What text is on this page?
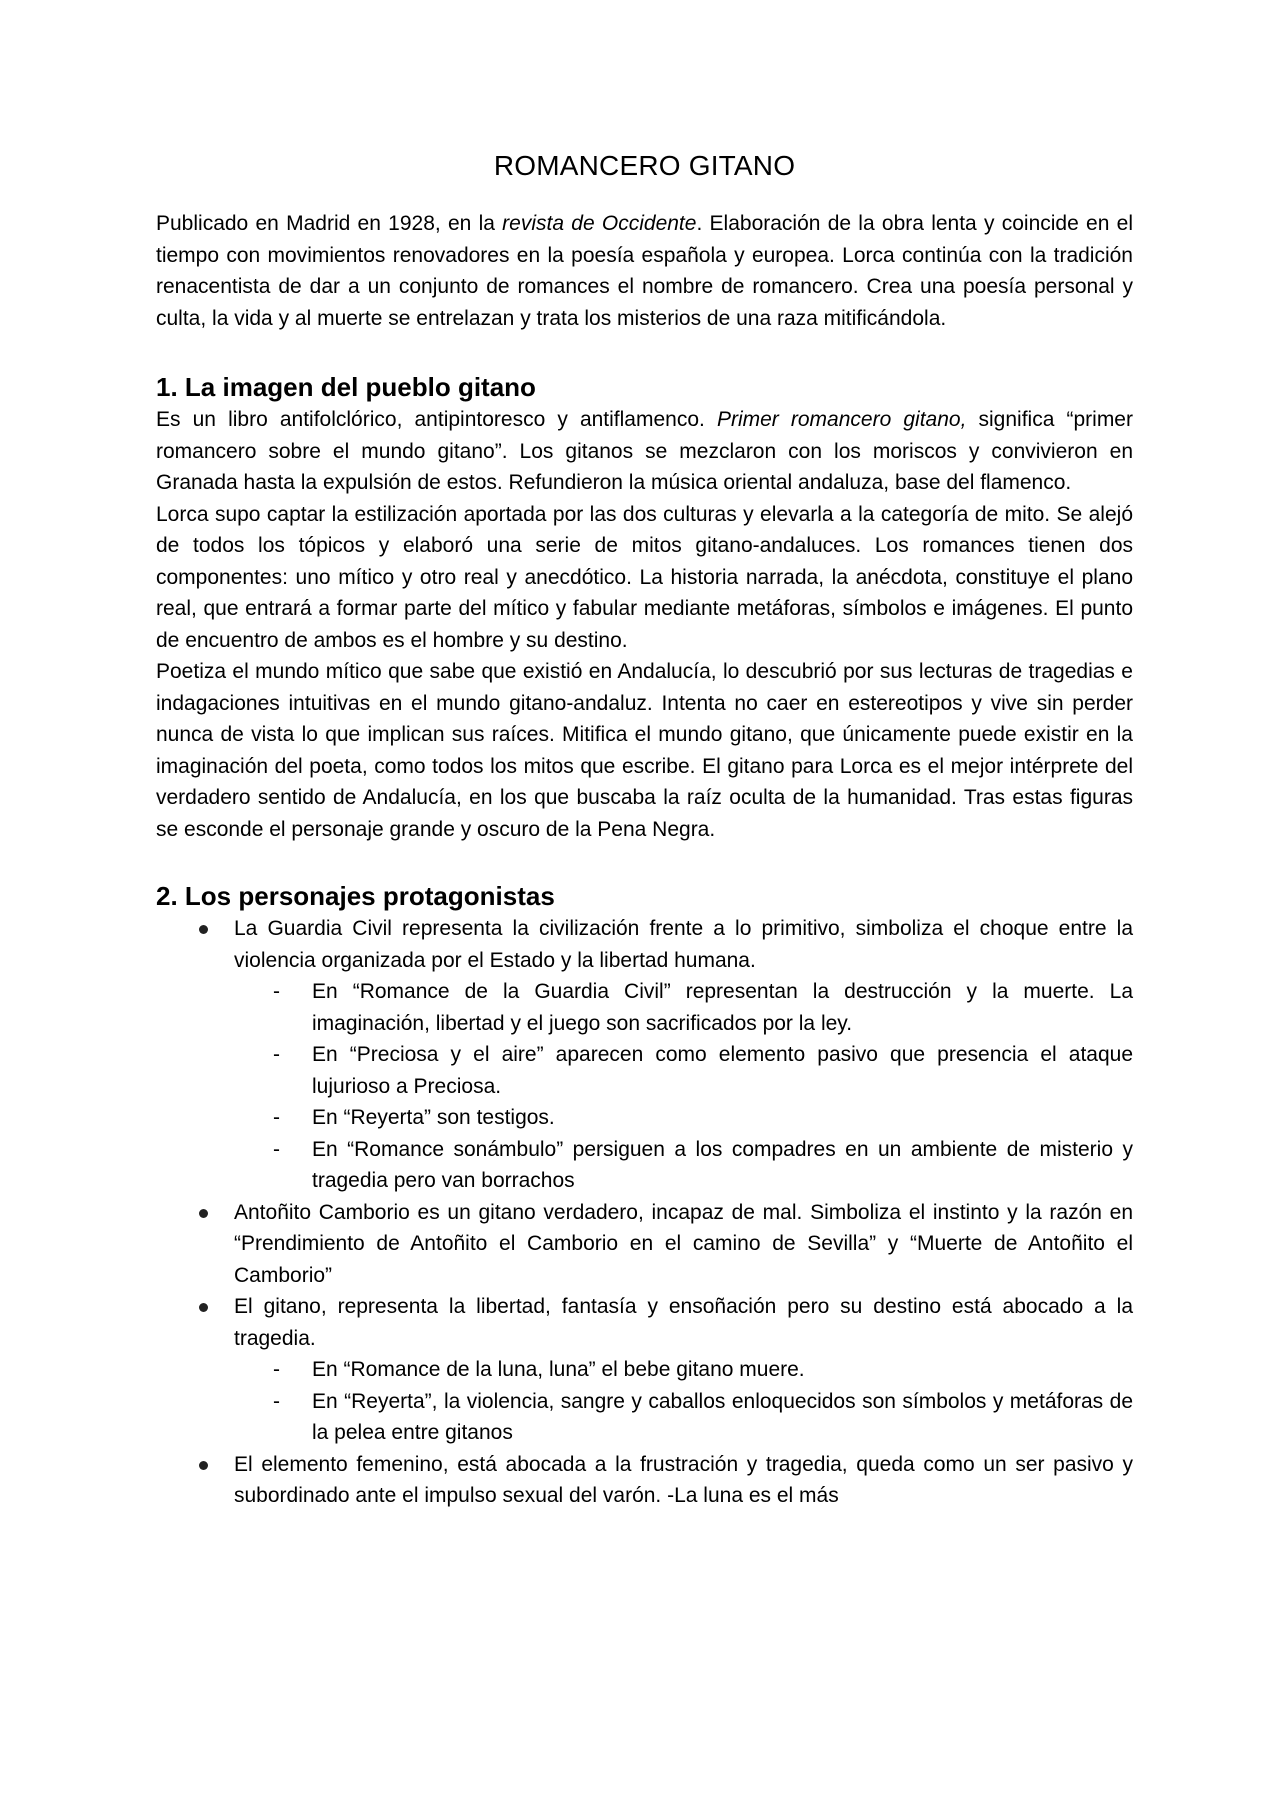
ROMANCERO GITANO

Publicado en Madrid en 1928, en la revista de Occidente. Elaboración de la obra lenta y coincide en el tiempo con movimientos renovadores en la poesía española y europea. Lorca continúa con la tradición renacentista de dar a un conjunto de romances el nombre de romancero. Crea una poesía personal y culta, la vida y al muerte se entrelazan y trata los misterios de una raza mitificándola.

1. La imagen del pueblo gitano

Es un libro antifolclórico, antipintoresco y antiflamenco. Primer romancero gitano, significa “primer romancero sobre el mundo gitano”. Los gitanos se mezclaron con los moriscos y convivieron en Granada hasta la expulsión de estos. Refundieron la música oriental andaluza, base del flamenco.

Lorca supo captar la estilización aportada por las dos culturas y elevarla a la categoría de mito. Se alejó de todos los tópicos y elaboró una serie de mitos gitano-andaluces. Los romances tienen dos componentes: uno mítico y otro real y anecdótico. La historia narrada, la anécdota, constituye el plano real, que entrará a formar parte del mítico y fabular mediante metáforas, símbolos e imágenes. El punto de encuentro de ambos es el hombre y su destino.

Poetiza el mundo mítico que sabe que existió en Andalucía, lo descubrió por sus lecturas de tragedias e indagaciones intuitivas en el mundo gitano-andaluz. Intenta no caer en estereotipos y vive sin perder nunca de vista lo que implican sus raíces. Mitifica el mundo gitano, que únicamente puede existir en la imaginación del poeta, como todos los mitos que escribe. El gitano para Lorca es el mejor intérprete del verdadero sentido de Andalucía, en los que buscaba la raíz oculta de la humanidad. Tras estas figuras se esconde el personaje grande y oscuro de la Pena Negra.

2. Los personajes protagonistas

La Guardia Civil representa la civilización frente a lo primitivo, simboliza el choque entre la violencia organizada por el Estado y la libertad humana.

- En “Romance de la Guardia Civil” representan la destrucción y la muerte. La imaginación, libertad y el juego son sacrificados por la ley.

- En “Preciosa y el aire” aparecen como elemento pasivo que presencia el ataque lujurioso a Preciosa.

- En “Reyerta” son testigos.

- En “Romance sonámbulo” persiguen a los compadres en un ambiente de misterio y tragedia pero van borrachos

Antoñito Camborio es un gitano verdadero, incapaz de mal. Simboliza el instinto y la razón en “Prendimiento de Antoñito el Camborio en el camino de Sevilla” y “Muerte de Antoñito el Camborio”

El gitano, representa la libertad, fantasía y ensoñación pero su destino está abocado a la tragedia.

- En “Romance de la luna, luna” el bebe gitano muere.

- En “Reyerta”, la violencia, sangre y caballos enloquecidos son símbolos y metáforas de la pelea entre gitanos

El elemento femenino, está abocada a la frustración y tragedia, queda como un ser pasivo y subordinado ante el impulso sexual del varón. -La luna es el más
